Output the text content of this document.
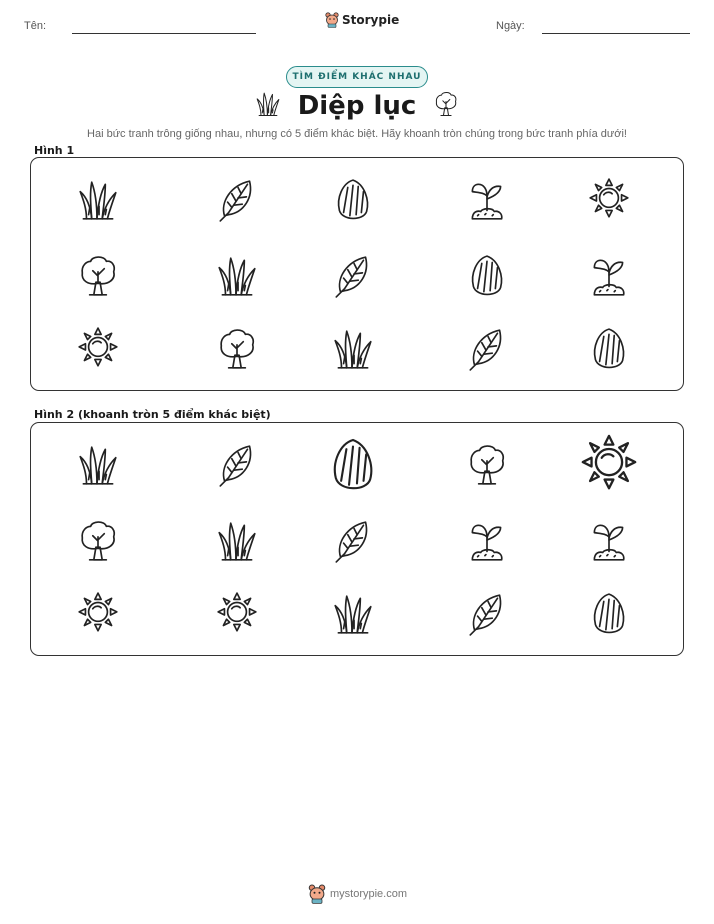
Tên:	Storypie	Ngày:
TÌM ĐIỂM KHÁC NHAU
Diệp lục
Hai bức tranh trông giống nhau, nhưng có 5 điểm khác biệt. Hãy khoanh tròn chúng trong bức tranh phía dưới!
Hình 1
Hình 2 (khoanh tròn 5 điểm khác biệt)
mystorypie.com
